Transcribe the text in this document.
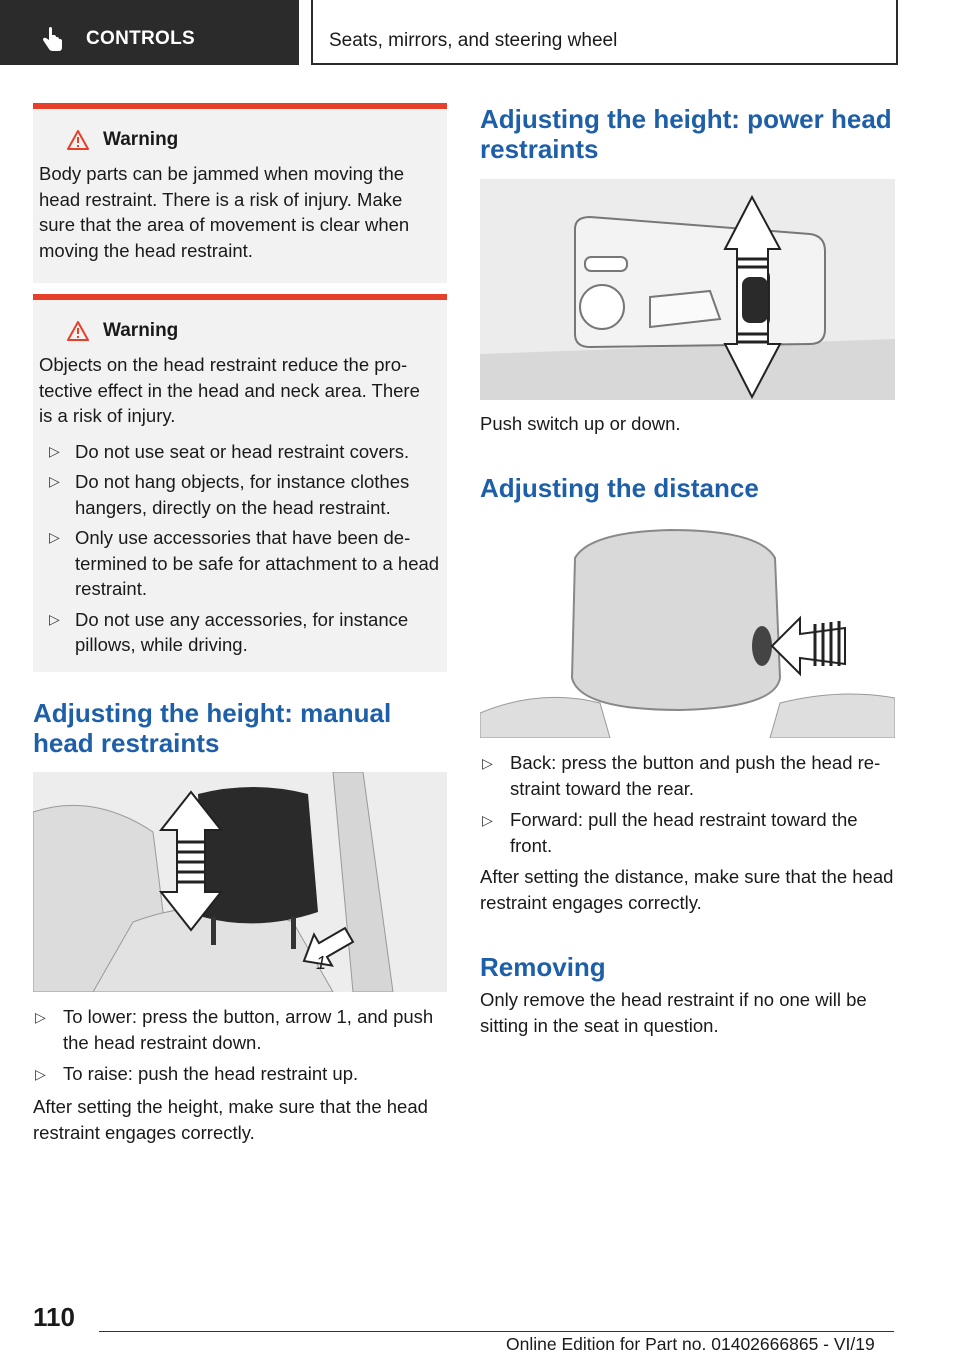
CONTROLS	Seats, mirrors, and steering wheel
Warning

Body parts can be jammed when moving the head restraint. There is a risk of injury. Make sure that the area of movement is clear when moving the head restraint.

Warning

Objects on the head restraint reduce the pro‐tective effect in the head and neck area. There is a risk of injury.

▷ Do not use seat or head restraint covers.
▷ Do not hang objects, for instance clothes hangers, directly on the head restraint.
▷ Only use accessories that have been de‐termined to be safe for attachment to a head restraint.
▷ Do not use any accessories, for instance pillows, while driving.
Adjusting the height: manual head restraints
1
▷ To lower: press the button, arrow 1, and push the head restraint down.
▷ To raise: push the head restraint up.
After setting the height, make sure that the head restraint engages correctly.
Adjusting the height: power head restraints
Push switch up or down.
Adjusting the distance
▷ Back: press the button and push the head re‐straint toward the rear.
▷ Forward: pull the head restraint toward the front.
After setting the distance, make sure that the head restraint engages correctly.
Removing
Only remove the head restraint if no one will be sitting in the seat in question.
110
Online Edition for Part no. 01402666865 - VI/19
